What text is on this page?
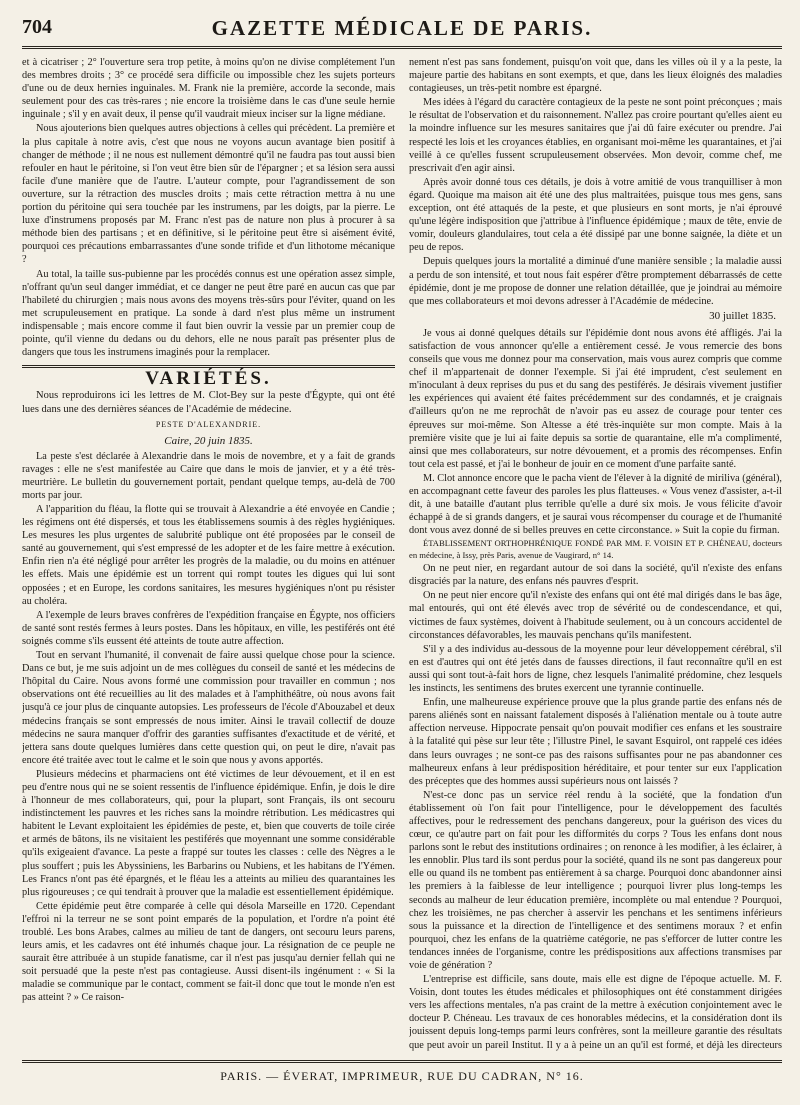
704	GAZETTE MÉDICALE DE PARIS.

et à cicatriser ; 2° l'ouverture sera trop petite, à moins qu'on ne divise complétement l'un des membres droits ; 3° ce procédé sera difficile ou impossible chez les sujets porteurs d'une ou de deux hernies inguinales. M. Frank nie la première, accorde la seconde, mais seulement pour des cas très-rares ; nie encore la troisième dans le cas d'une seule hernie inguinale ; s'il y en avait deux, il pense qu'il vaudrait mieux inciser sur la ligne médiane.

Nous ajouterions bien quelques autres objections à celles qui précèdent. La première et la plus capitale à notre avis, c'est que nous ne voyons aucun avantage bien positif à changer de méthode ; il ne nous est nullement démontré qu'il ne faudra pas tout aussi bien refouler en haut le péritoine, si l'on veut être bien sûr de l'épargner ; et sa lésion sera aussi facile d'une manière que de l'autre. L'auteur compte, pour l'agrandissement de son ouverture, sur la rétraction des muscles droits ; mais cette rétraction mettra à nu une portion du péritoine qui sera touchée par les instrumens, par les doigts, par la pierre. Le luxe d'instrumens proposés par M. Franc n'est pas de nature non plus à procurer à sa méthode bien des partisans ; et en définitive, si le péritoine peut être si aisément évité, pourquoi ces précautions embarrassantes d'une sonde trifide et d'un lithotome mécanique ?

Au total, la taille sus-pubienne par les procédés connus est une opération assez simple, n'offrant qu'un seul danger immédiat, et ce danger ne peut être paré en aucun cas que par l'habileté du chirurgien ; mais nous avons des moyens très-sûrs pour l'éviter, quand on les met scrupuleusement en pratique. La sonde à dard n'est plus même un instrument indispensable ; mais encore comme il faut bien ouvrir la vessie par un premier coup de pointe, qu'il vienne du dedans ou du dehors, elle ne nous paraît pas présenter plus de dangers que tous les instrumens imaginés pour la remplacer.

VARIÉTÉS.

Nous reproduirons ici les lettres de M. Clot-Bey sur la peste d'Égypte, qui ont été lues dans une des dernières séances de l'Académie de médecine.

PESTE D'ALEXANDRIE.
Caire, 20 juin 1835.

La peste s'est déclarée à Alexandrie dans le mois de novembre, et y a fait de grands ravages : elle ne s'est manifestée au Caire que dans le mois de janvier, et y a été très-meurtrière. Le bulletin du gouvernement portait, pendant quelque temps, au-delà de 700 morts par jour.

A l'apparition du fléau, la flotte qui se trouvait à Alexandrie a été envoyée en Candie ; les régimens ont été dispersés, et tous les établissemens soumis à des règles hygiéniques. Les mesures les plus urgentes de salubrité publique ont été proposées par le conseil de santé au gouvernement, qui s'est empressé de les adopter et de les faire mettre à exécution. Enfin rien n'a été négligé pour arrêter les progrès de la maladie, ou du moins en atténuer les effets. Mais une épidémie est un torrent qui rompt toutes les digues qui lui sont opposées ; et en Europe, les cordons sanitaires, les mesures hygiéniques n'ont pu résister au choléra.

A l'exemple de leurs braves confrères de l'expédition française en Égypte, nos officiers de santé sont restés fermes à leurs postes. Dans les hôpitaux, en ville, les pestiférés ont été soignés comme s'ils eussent été atteints de toute autre affection.

Tout en servant l'humanité, il convenait de faire aussi quelque chose pour la science. Dans ce but, je me suis adjoint un de mes collègues du conseil de santé et les médecins de l'hôpital du Caire. Nous avons formé une commission pour travailler en commun ; nos observations ont été recueillies au lit des malades et à l'amphithéâtre, où nous avons fait jusqu'à ce jour plus de cinquante autopsies. Les professeurs de l'école d'Abouzabel et deux médecins français se sont empressés de nous imiter. Ainsi le travail collectif de douze médecins ne saura manquer d'offrir des garanties suffisantes d'exactitude et de vérité, et jettera sans doute quelques lumières dans cette question qui, on peut le dire, n'avait pas encore été traitée avec tout le calme et le soin que nous y avons apportés.

Plusieurs médecins et pharmaciens ont été victimes de leur dévouement, et il en est peu d'entre nous qui ne se soient ressentis de l'influence épidémique. Enfin, je dois le dire à l'honneur de mes collaborateurs, qui, pour la plupart, sont Français, ils ont secouru indistinctement les pauvres et les riches sans la moindre rétribution. Les médicastres qui habitent le Levant exploitaient les épidémies de peste, et, bien que couverts de toile cirée et armés de bâtons, ils ne visitaient les pestiférés que moyennant une somme considérable qu'ils exigeaient d'avance. La peste a frappé sur toutes les classes : celle des Nègres a le plus souffert ; puis les Abyssiniens, les Barbarins ou Nubiens, et les habitans de l'Yémen. Les Francs n'ont pas été épargnés, et le fléau les a atteints au milieu des quarantaines les plus rigoureuses ; ce qui tendrait à prouver que la maladie est essentiellement épidémique.

Cette épidémie peut être comparée à celle qui désola Marseille en 1720. Cependant l'effroi ni la terreur ne se sont point emparés de la population, et l'ordre n'a point été troublé. Les bons Arabes, calmes au milieu de tant de dangers, ont secouru leurs parens, leurs amis, et les cadavres ont été inhumés chaque jour. La résignation de ce peuple ne saurait être attribuée à un stupide fanatisme, car il n'est pas jusqu'au dernier fellah qui ne soit persuadé que la peste n'est pas contagieuse. Aussi disent-ils ingénument : « Si la maladie se communique par le contact, comment se fait-il donc que tout le monde n'en est pas atteint ? » Ce raison-

nement n'est pas sans fondement, puisqu'on voit que, dans les villes où il y a la peste, la majeure partie des habitans en sont exempts, et que, dans les lieux éloignés des maladies contagieuses, un très-petit nombre est épargné.

Mes idées à l'égard du caractère contagieux de la peste ne sont point préconçues ; mais le résultat de l'observation et du raisonnement. N'allez pas croire pourtant qu'elles aient eu la moindre influence sur les mesures sanitaires que j'ai dû faire exécuter ou prendre. J'ai respecté les lois et les croyances établies, en organisant moi-même les quarantaines, et j'ai veillé à ce qu'elles fussent scrupuleusement observées. Mon devoir, comme chef, me prescrivait d'en agir ainsi.

Après avoir donné tous ces détails, je dois à votre amitié de vous tranquilliser à mon égard. Quoique ma maison ait été une des plus maltraitées, puisque tous mes gens, sans exception, ont été attaqués de la peste, et que plusieurs en sont morts, je n'ai éprouvé qu'une légère indisposition que j'attribue à l'influence épidémique ; maux de tête, envie de vomir, douleurs glandulaires, tout cela a été dissipé par une bonne saignée, la diète et un peu de repos.

Depuis quelques jours la mortalité a diminué d'une manière sensible ; la maladie aussi a perdu de son intensité, et tout nous fait espérer d'être promptement débarrassés de cette épidémie, dont je me propose de donner une relation détaillée, que je joindrai au mémoire que mes collaborateurs et moi devons adresser à l'Académie de médecine.

30 juillet 1835.

Je vous ai donné quelques détails sur l'épidémie dont nous avons été affligés. J'ai la satisfaction de vous annoncer qu'elle a entièrement cessé. Je vous remercie des bons conseils que vous me donnez pour ma conservation, mais vous aurez compris que comme chef il m'appartenait de donner l'exemple. Si j'ai été imprudent, c'est seulement en m'inoculant à deux reprises du pus et du sang des pestiférés. Je désirais vivement justifier les expériences qui avaient été faites précédemment sur des condamnés, et je craignais d'ailleurs qu'on ne me reprochât de n'avoir pas eu assez de courage pour tenter ces épreuves sur moi-même. Son Altesse a été très-inquiète sur mon compte. Mais à la première visite que je lui ai faite depuis sa sortie de quarantaine, elle m'a complimenté, ainsi que mes collaborateurs, sur notre dévouement, et a promis des récompenses. Enfin tout cela est passé, et j'ai le bonheur de jouir en ce moment d'une parfaite santé.

M. Clot annonce encore que le pacha vient de l'élever à la dignité de miriliva (général), en accompagnant cette faveur des paroles les plus flatteuses. « Vous venez d'assister, a-t-il dit, à une bataille d'autant plus terrible qu'elle a duré six mois. Je vous félicite d'avoir échappé à de si grands dangers, et je saurai vous récompenser du courage et de l'humanité dont vous avez donné de si belles preuves en cette circonstance. » Suit la copie du firman.

ÉTABLISSEMENT ORTHOPHRÉNIQUE FONDÉ PAR MM. F. VOISIN ET P. CHÉNEAU, docteurs en médecine, à Issy, près Paris, avenue de Vaugirard, n° 14.

On ne peut nier, en regardant autour de soi dans la société, qu'il n'existe des enfans disgraciés par la nature, des enfans nés pauvres d'esprit.

On ne peut nier encore qu'il n'existe des enfans qui ont été mal dirigés dans le bas âge, mal entourés, qui ont été élevés avec trop de sévérité ou de condescendance, et qui, victimes de faux systèmes, doivent à l'habitude seulement, ou à un concours accidentel de circonstances défavorables, les mauvais penchans qu'ils manifestent.

S'il y a des individus au-dessous de la moyenne pour leur développement cérébral, s'il en est d'autres qui ont été jetés dans de fausses directions, il faut reconnaître qu'il en est aussi qui sont tout-à-fait hors de ligne, chez lesquels l'animalité prédomine, chez lesquels les instincts, les sentimens des brutes exercent une tyrannie continuelle.

Enfin, une malheureuse expérience prouve que la plus grande partie des enfans nés de parens aliénés sont en naissant fatalement disposés à l'aliénation mentale ou à toute autre affection nerveuse. Hippocrate pensait qu'on pouvait modifier ces enfans et les soustraire à la fatalité qui pèse sur leur tête ; l'illustre Pinel, le savant Esquirol, ont rappelé ces idées dans leurs ouvrages ; ne sont-ce pas des raisons suffisantes pour ne pas abandonner ces malheureux enfans à leur prédisposition héréditaire, et pour tenter sur eux l'application des préceptes que des hommes aussi supérieurs nous ont laissés ?

N'est-ce donc pas un service réel rendu à la société, que la fondation d'un établissement où l'on fait pour l'intelligence, pour le développement des facultés affectives, pour le redressement des penchans dangereux, pour la guérison des vices du cœur, ce qu'autre part on fait pour les difformités du corps ? Tous les enfans dont nous parlons sont le rebut des institutions ordinaires ; on renonce à les modifier, à les éclairer, à les ennoblir. Plus tard ils sont perdus pour la société, quand ils ne sont pas dangereux pour elle ou quand ils ne tombent pas entièrement à sa charge. Pourquoi donc abandonner ainsi les premiers à la faiblesse de leur intelligence ; pourquoi livrer plus long-temps les seconds au malheur de leur éducation première, incomplète ou mal entendue ? Pourquoi, chez les troisièmes, ne pas chercher à asservir les penchans et les sentimens inférieurs sous la puissance et la direction de l'intelligence et des sentimens moraux ? et enfin pourquoi, chez les enfans de la quatrième catégorie, ne pas s'efforcer de lutter contre les tendances innées de l'organisme, contre les prédispositions aux affections transmises par voie de génération ?

L'entreprise est difficile, sans doute, mais elle est digne de l'époque actuelle. M. F. Voisin, dont toutes les études médicales et philosophiques ont été constamment dirigées vers les affections mentales, n'a pas craint de la mettre à exécution conjointement avec le docteur P. Chéneau. Les travaux de ces honorables médecins, et la considération dont ils jouissent depuis long-temps parmi leurs confrères, sont la meilleure garantie des résultats que peut avoir un pareil Institut. Il y a à peine un an qu'il est formé, et déjà les directeurs

PARIS. — ÉVERAT, IMPRIMEUR, RUE DU CADRAN, N° 16.
